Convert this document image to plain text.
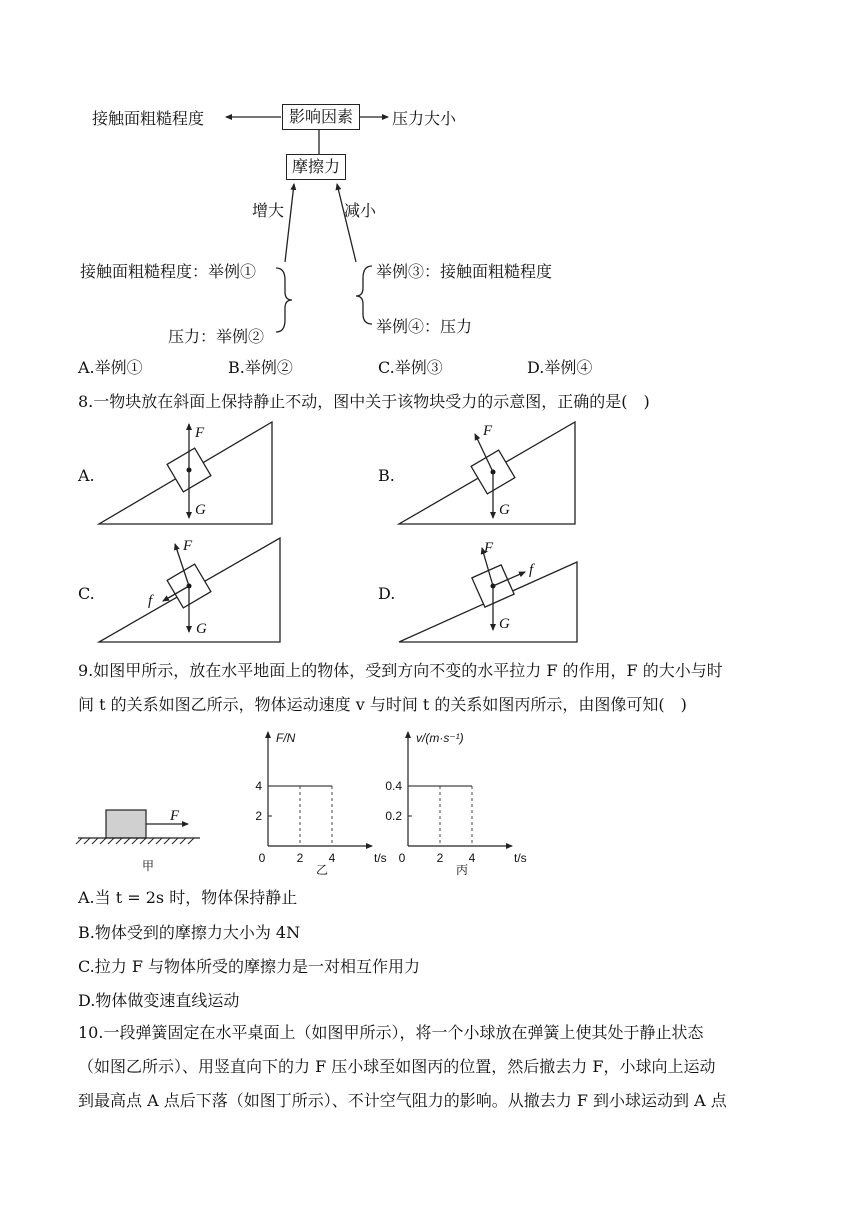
接触面粗糙程度	影响因素	压力大小
摩擦力
增大	减小
接触面粗糙程度：举例①
压力：举例②
举例③：接触面粗糙程度
举例④：压力
A.举例①	B.举例②	C.举例③	D.举例④
8.一物块放在斜面上保持静止不动，图中关于该物块受力的示意图，正确的是(　)
A.	B.
C.	D.
F
G
F
G
F
G
f
F
G
f
9.如图甲所示，放在水平地面上的物体，受到方向不变的水平拉力 F 的作用，F 的大小与时
间 t 的关系如图乙所示，物体运动速度 v 与时间 t 的关系如图丙所示，由图像可知(　)
F
甲
4
2
0	2 4
F/N
t/s
乙
0.4
0.2
0	2 4
v/(m·s⁻¹)
t/s
丙
A.当 t = 2s 时，物体保持静止
B.物体受到的摩擦力大小为 4N
C.拉力 F 与物体所受的摩擦力是一对相互作用力
D.物体做变速直线运动
10.一段弹簧固定在水平桌面上（如图甲所示），将一个小球放在弹簧上使其处于静止状态
（如图乙所示）、用竖直向下的力 F 压小球至如图丙的位置，然后撤去力 F，小球向上运动
到最高点 A 点后下落（如图丁所示）、不计空气阻力的影响。从撤去力 F 到小球运动到 A 点
